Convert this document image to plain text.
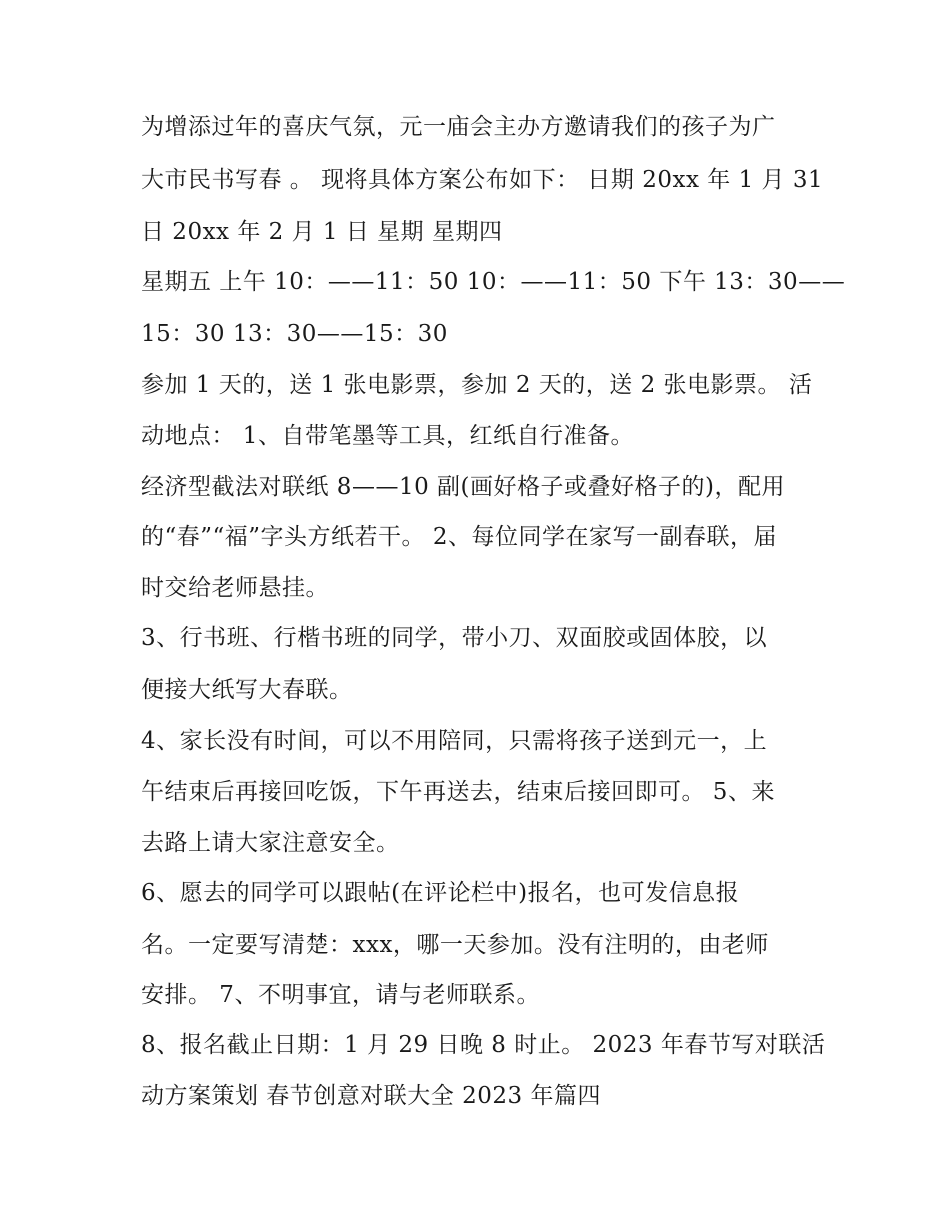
为增添过年的喜庆气氛，元一庙会主办方邀请我们的孩子为广
大市民书写春 。 现将具体方案公布如下： 日期 20xx 年 1 月 31
日 20xx 年 2 月 1 日 星期 星期四
星期五 上午 10：——11：50 10：——11：50 下午 13：30——
15：30 13：30——15：30
参加 1 天的，送 1 张电影票，参加 2 天的，送 2 张电影票。 活
动地点： 1、自带笔墨等工具，红纸自行准备。
经济型截法对联纸 8——10 副(画好格子或叠好格子的)，配用
的“春”“福”字头方纸若干。 2、每位同学在家写一副春联，届
时交给老师悬挂。
3、行书班、行楷书班的同学，带小刀、双面胶或固体胶，以
便接大纸写大春联。
4、家长没有时间，可以不用陪同，只需将孩子送到元一，上
午结束后再接回吃饭，下午再送去，结束后接回即可。 5、来
去路上请大家注意安全。
6、愿去的同学可以跟帖(在评论栏中)报名，也可发信息报
名。一定要写清楚：xxx，哪一天参加。没有注明的，由老师
安排。 7、不明事宜，请与老师联系。
8、报名截止日期：1 月 29 日晚 8 时止。 2023 年春节写对联活
动方案策划 春节创意对联大全 2023 年篇四
